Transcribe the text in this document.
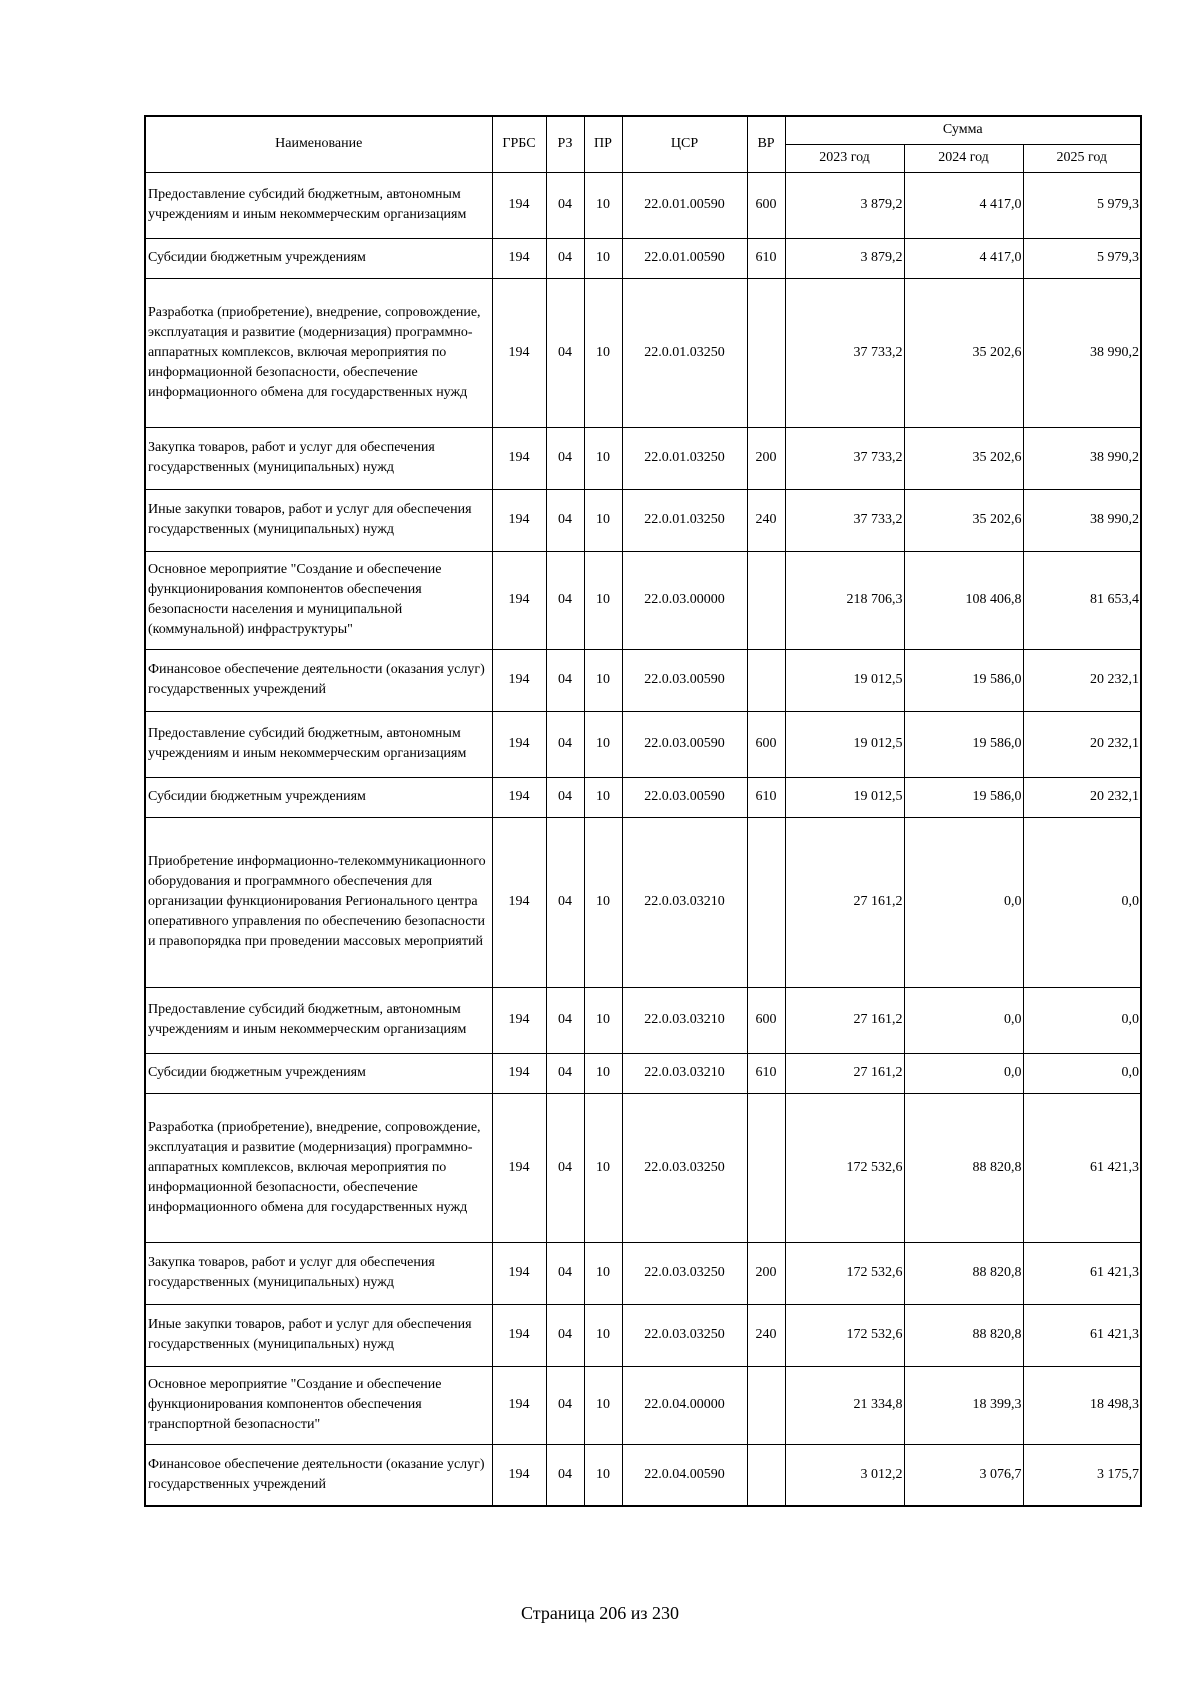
Наименование	ГРБС	РЗ	ПР	ЦСР	ВР	Сумма		
						2023 год	2024 год	2025 год
Предоставление субсидий бюджетным, автономным учреждениям и иным некоммерческим организациям	194	04	10	22.0.01.00590	600	3 879,2	4 417,0	5 979,3
Субсидии бюджетным учреждениям	194	04	10	22.0.01.00590	610	3 879,2	4 417,0	5 979,3
Разработка (приобретение), внедрение, сопровождение, эксплуатация и развитие (модернизация) программно-аппаратных комплексов, включая мероприятия по информационной безопасности, обеспечение информационного обмена для государственных нужд	194	04	10	22.0.01.03250		37 733,2	35 202,6	38 990,2
Закупка товаров, работ и услуг для обеспечения государственных (муниципальных) нужд	194	04	10	22.0.01.03250	200	37 733,2	35 202,6	38 990,2
Иные закупки товаров, работ и услуг для обеспечения государственных (муниципальных) нужд	194	04	10	22.0.01.03250	240	37 733,2	35 202,6	38 990,2
Основное мероприятие "Создание и обеспечение функционирования компонентов обеспечения безопасности населения и муниципальной (коммунальной) инфраструктуры"	194	04	10	22.0.03.00000		218 706,3	108 406,8	81 653,4
Финансовое обеспечение деятельности (оказания услуг) государственных учреждений	194	04	10	22.0.03.00590		19 012,5	19 586,0	20 232,1
Предоставление субсидий бюджетным, автономным учреждениям и иным некоммерческим организациям	194	04	10	22.0.03.00590	600	19 012,5	19 586,0	20 232,1
Субсидии бюджетным учреждениям	194	04	10	22.0.03.00590	610	19 012,5	19 586,0	20 232,1
Приобретение информационно-телекоммуникационного оборудования и программного обеспечения для организации функционирования Регионального центра оперативного управления по обеспечению безопасности и правопорядка при проведении массовых мероприятий	194	04	10	22.0.03.03210		27 161,2	0,0	0,0
Предоставление субсидий бюджетным, автономным учреждениям и иным некоммерческим организациям	194	04	10	22.0.03.03210	600	27 161,2	0,0	0,0
Субсидии бюджетным учреждениям	194	04	10	22.0.03.03210	610	27 161,2	0,0	0,0
Разработка (приобретение), внедрение, сопровождение, эксплуатация и развитие (модернизация) программно-аппаратных комплексов, включая мероприятия по информационной безопасности, обеспечение информационного обмена для государственных нужд	194	04	10	22.0.03.03250		172 532,6	88 820,8	61 421,3
Закупка товаров, работ и услуг для обеспечения государственных (муниципальных) нужд	194	04	10	22.0.03.03250	200	172 532,6	88 820,8	61 421,3
Иные закупки товаров, работ и услуг для обеспечения государственных (муниципальных) нужд	194	04	10	22.0.03.03250	240	172 532,6	88 820,8	61 421,3
Основное мероприятие "Создание и обеспечение функционирования компонентов обеспечения транспортной безопасности"	194	04	10	22.0.04.00000		21 334,8	18 399,3	18 498,3
Финансовое обеспечение деятельности (оказание услуг) государственных учреждений	194	04	10	22.0.04.00590		3 012,2	3 076,7	3 175,7
Страница 206 из 230
